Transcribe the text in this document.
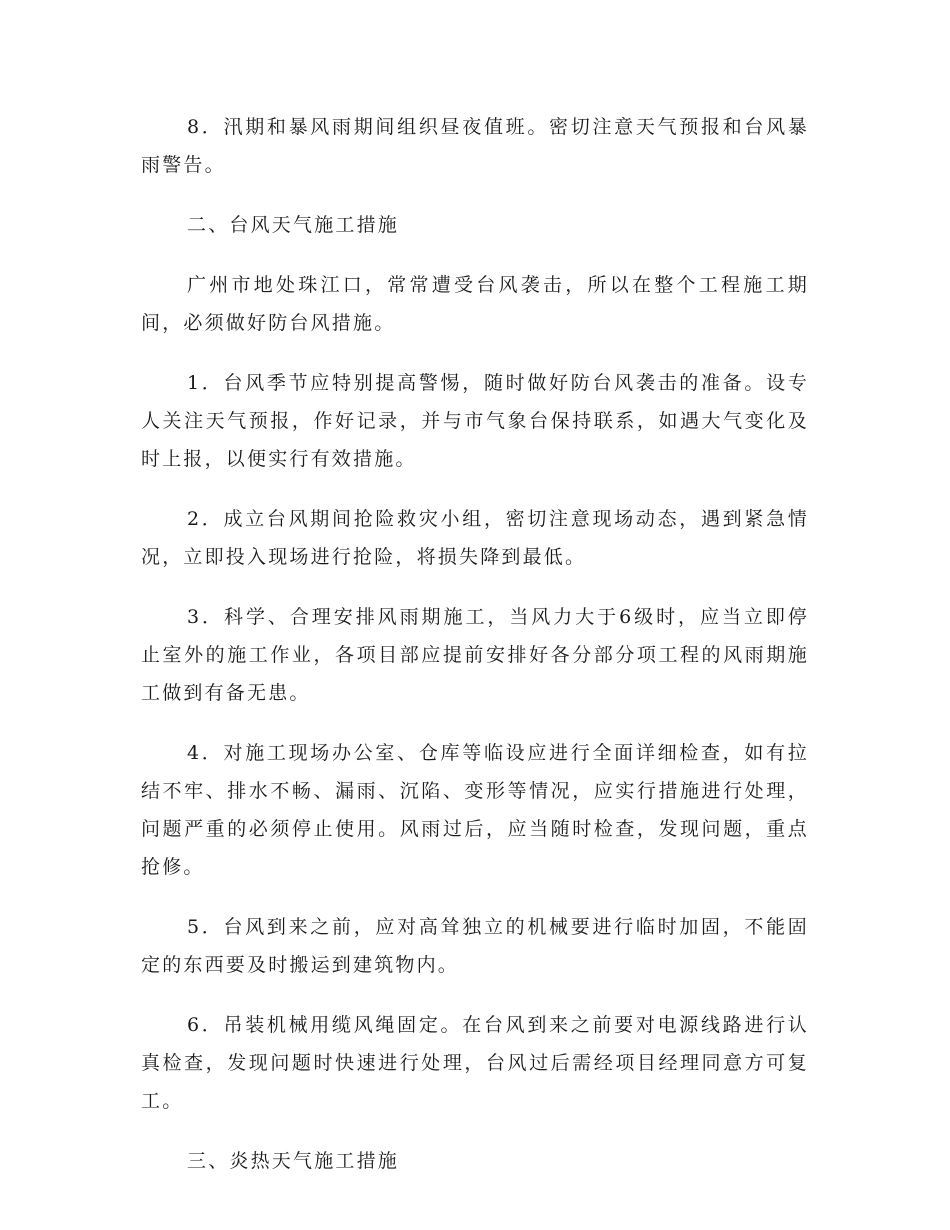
8．汛期和暴风雨期间组织昼夜值班。密切注意天气预报和台风暴雨警告。

二、台风天气施工措施

广州市地处珠江口，常常遭受台风袭击，所以在整个工程施工期间，必须做好防台风措施。

1．台风季节应特别提高警惕，随时做好防台风袭击的准备。设专人关注天气预报，作好记录，并与市气象台保持联系，如遇大气变化及时上报，以便实行有效措施。

2．成立台风期间抢险救灾小组，密切注意现场动态，遇到紧急情况，立即投入现场进行抢险，将损失降到最低。

3．科学、合理安排风雨期施工，当风力大于6级时，应当立即停止室外的施工作业，各项目部应提前安排好各分部分项工程的风雨期施工做到有备无患。

4．对施工现场办公室、仓库等临设应进行全面详细检查，如有拉结不牢、排水不畅、漏雨、沉陷、变形等情况，应实行措施进行处理，问题严重的必须停止使用。风雨过后，应当随时检查，发现问题，重点抢修。

5．台风到来之前，应对高耸独立的机械要进行临时加固，不能固定的东西要及时搬运到建筑物内。

6．吊装机械用缆风绳固定。在台风到来之前要对电源线路进行认真检查，发现问题时快速进行处理，台风过后需经项目经理同意方可复工。

三、炎热天气施工措施
